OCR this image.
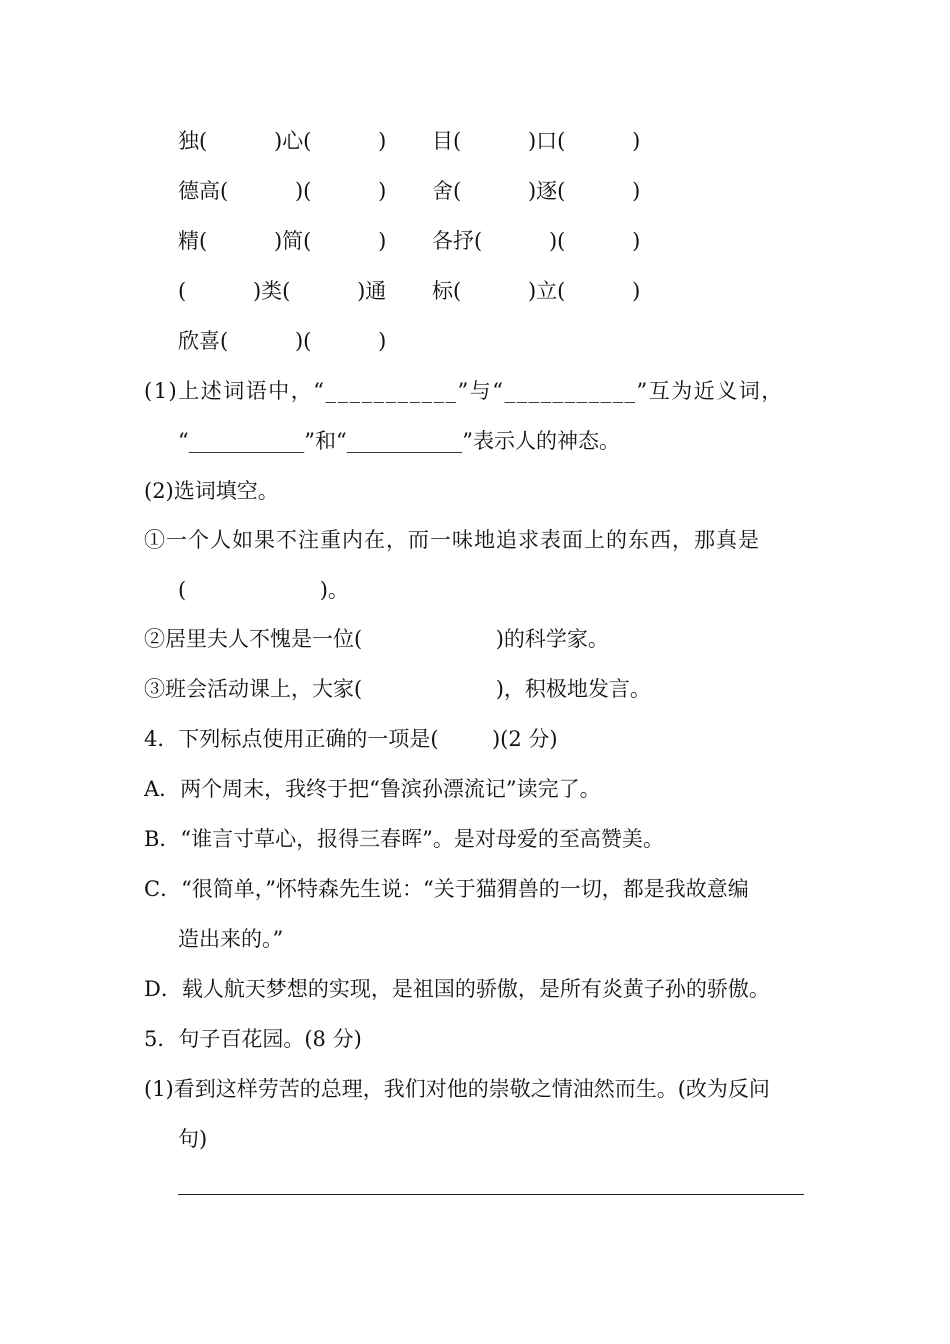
独(          )心(          ) 目(          )口(          )
德高(          )(          ) 舍(          )逐(          )
精(          )简(          ) 各抒(          )(          )
(          )类(          )通 标(          )立(          )
欣喜(          )(          )
(1)上述词语中，“___________”与“___________”互为近义词，
“___________”和“___________”表示人的神态。
(2)选词填空。
①一个人如果不注重内在，而一味地追求表面上的东西，那真是
(                    )。
②居里夫人不愧是一位(                    )的科学家。
③班会活动课上，大家(                    )，积极地发言。
4．下列标点使用正确的一项是(        )(2 分)
A．两个周末，我终于把“鲁滨孙漂流记”读完了。
B．“谁言寸草心，报得三春晖”。是对母爱的至高赞美。
C．“很简单，”怀特森先生说：“关于猫猬兽的一切，都是我故意编
造出来的。”
D．载人航天梦想的实现，是祖国的骄傲，是所有炎黄子孙的骄傲。
5．句子百花园。(8 分)
(1)看到这样劳苦的总理，我们对他的崇敬之情油然而生。(改为反问
句)
